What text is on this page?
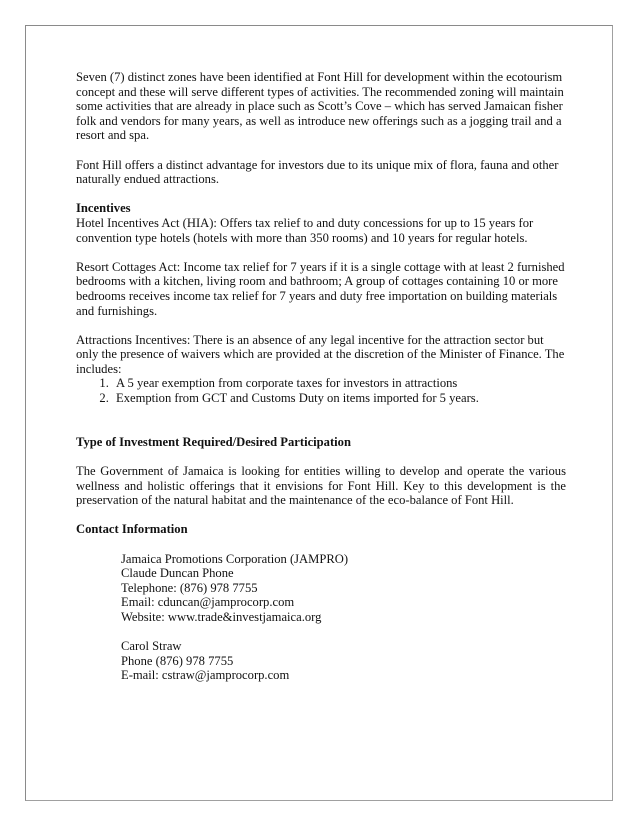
Seven (7) distinct zones have been identified at Font Hill for development within the ecotourism concept and these will serve different types of activities. The recommended zoning will maintain some activities that are already in place such as Scott’s Cove – which has served Jamaican fisher folk and vendors for many years, as well as introduce new offerings such as a jogging trail and a resort and spa.

Font Hill offers a distinct advantage for investors due to its unique mix of flora, fauna and other naturally endued attractions.

Incentives

Hotel Incentives Act (HIA): Offers tax relief to and duty concessions for up to 15 years for convention type hotels (hotels with more than 350 rooms) and 10 years for regular hotels.

Resort Cottages Act: Income tax relief for 7 years if it is a single cottage with at least 2 furnished bedrooms with a kitchen, living room and bathroom; A group of cottages containing 10 or more bedrooms receives income tax relief for 7 years and duty free importation on building materials and furnishings.

Attractions Incentives: There is an absence of any legal incentive for the attraction sector but only the presence of waivers which are provided at the discretion of the Minister of Finance. The includes:

1. A 5 year exemption from corporate taxes for investors in attractions
2. Exemption from GCT and Customs Duty on items imported for 5 years.

Type of Investment Required/Desired Participation

The Government of Jamaica is looking for entities willing to develop and operate the various wellness and holistic offerings that it envisions for Font Hill. Key to this development is the preservation of the natural habitat and the maintenance of the eco-balance of Font Hill.

Contact Information

Jamaica Promotions Corporation (JAMPRO)

Claude Duncan Phone

Telephone: (876) 978 7755

Email: cduncan@jamprocorp.com

Website: www.trade&investjamaica.org

Carol Straw

Phone (876) 978 7755

E-mail: cstraw@jamprocorp.com
